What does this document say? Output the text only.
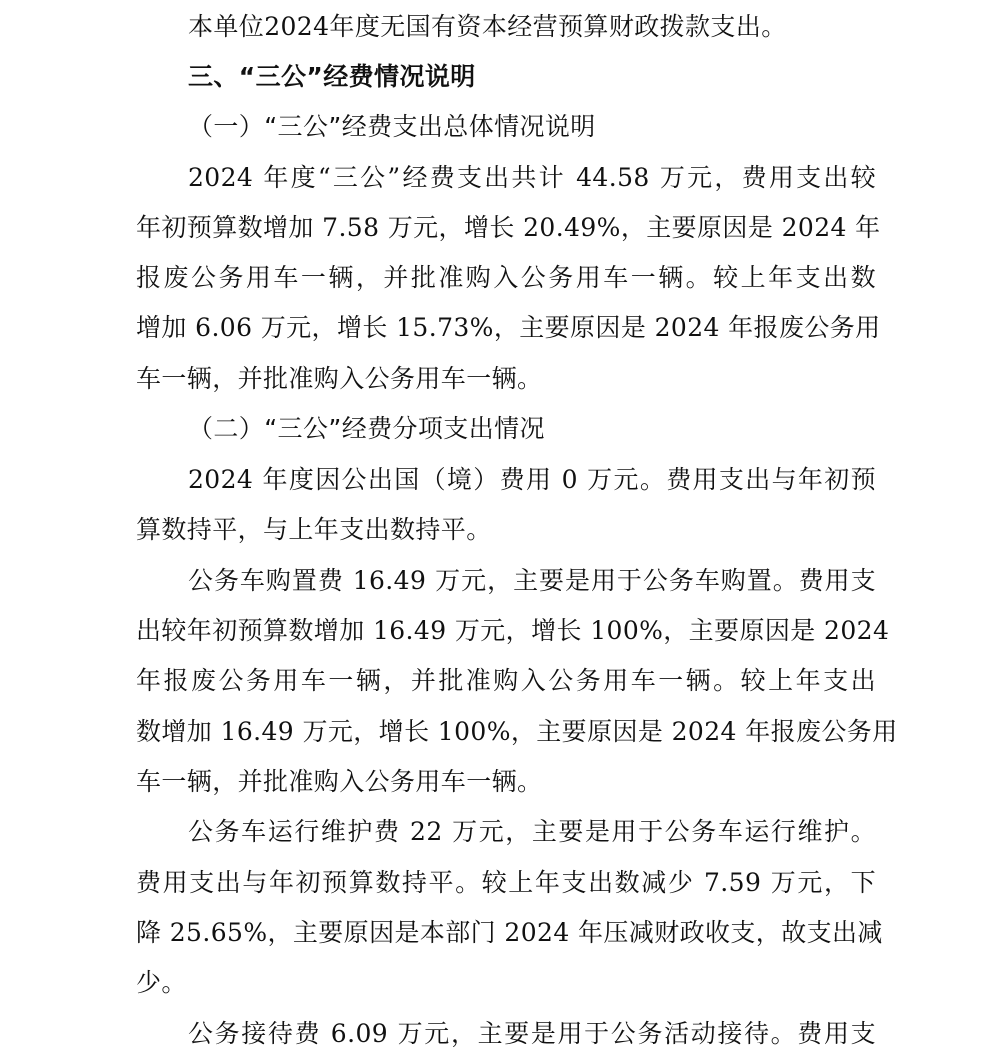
本单位2024年度无国有资本经营预算财政拨款支出。
三、“三公”经费情况说明
（一）“三公”经费支出总体情况说明
2024 年度“三公”经费支出共计 44.58 万元，费用支出较
年初预算数增加 7.58 万元，增长 20.49%，主要原因是 2024 年
报废公务用车一辆，并批准购入公务用车一辆。较上年支出数
增加 6.06 万元，增长 15.73%，主要原因是 2024 年报废公务用
车一辆，并批准购入公务用车一辆。
（二）“三公”经费分项支出情况
2024 年度因公出国（境）费用 0 万元。费用支出与年初预
算数持平，与上年支出数持平。
公务车购置费 16.49 万元，主要是用于公务车购置。费用支
出较年初预算数增加 16.49 万元，增长 100%，主要原因是 2024
年报废公务用车一辆，并批准购入公务用车一辆。较上年支出
数增加 16.49 万元，增长 100%，主要原因是 2024 年报废公务用
车一辆，并批准购入公务用车一辆。
公务车运行维护费 22 万元，主要是用于公务车运行维护。
费用支出与年初预算数持平。较上年支出数减少 7.59 万元，下
降 25.65%，主要原因是本部门 2024 年压减财政收支，故支出减
少。
公务接待费 6.09 万元，主要是用于公务活动接待。费用支
